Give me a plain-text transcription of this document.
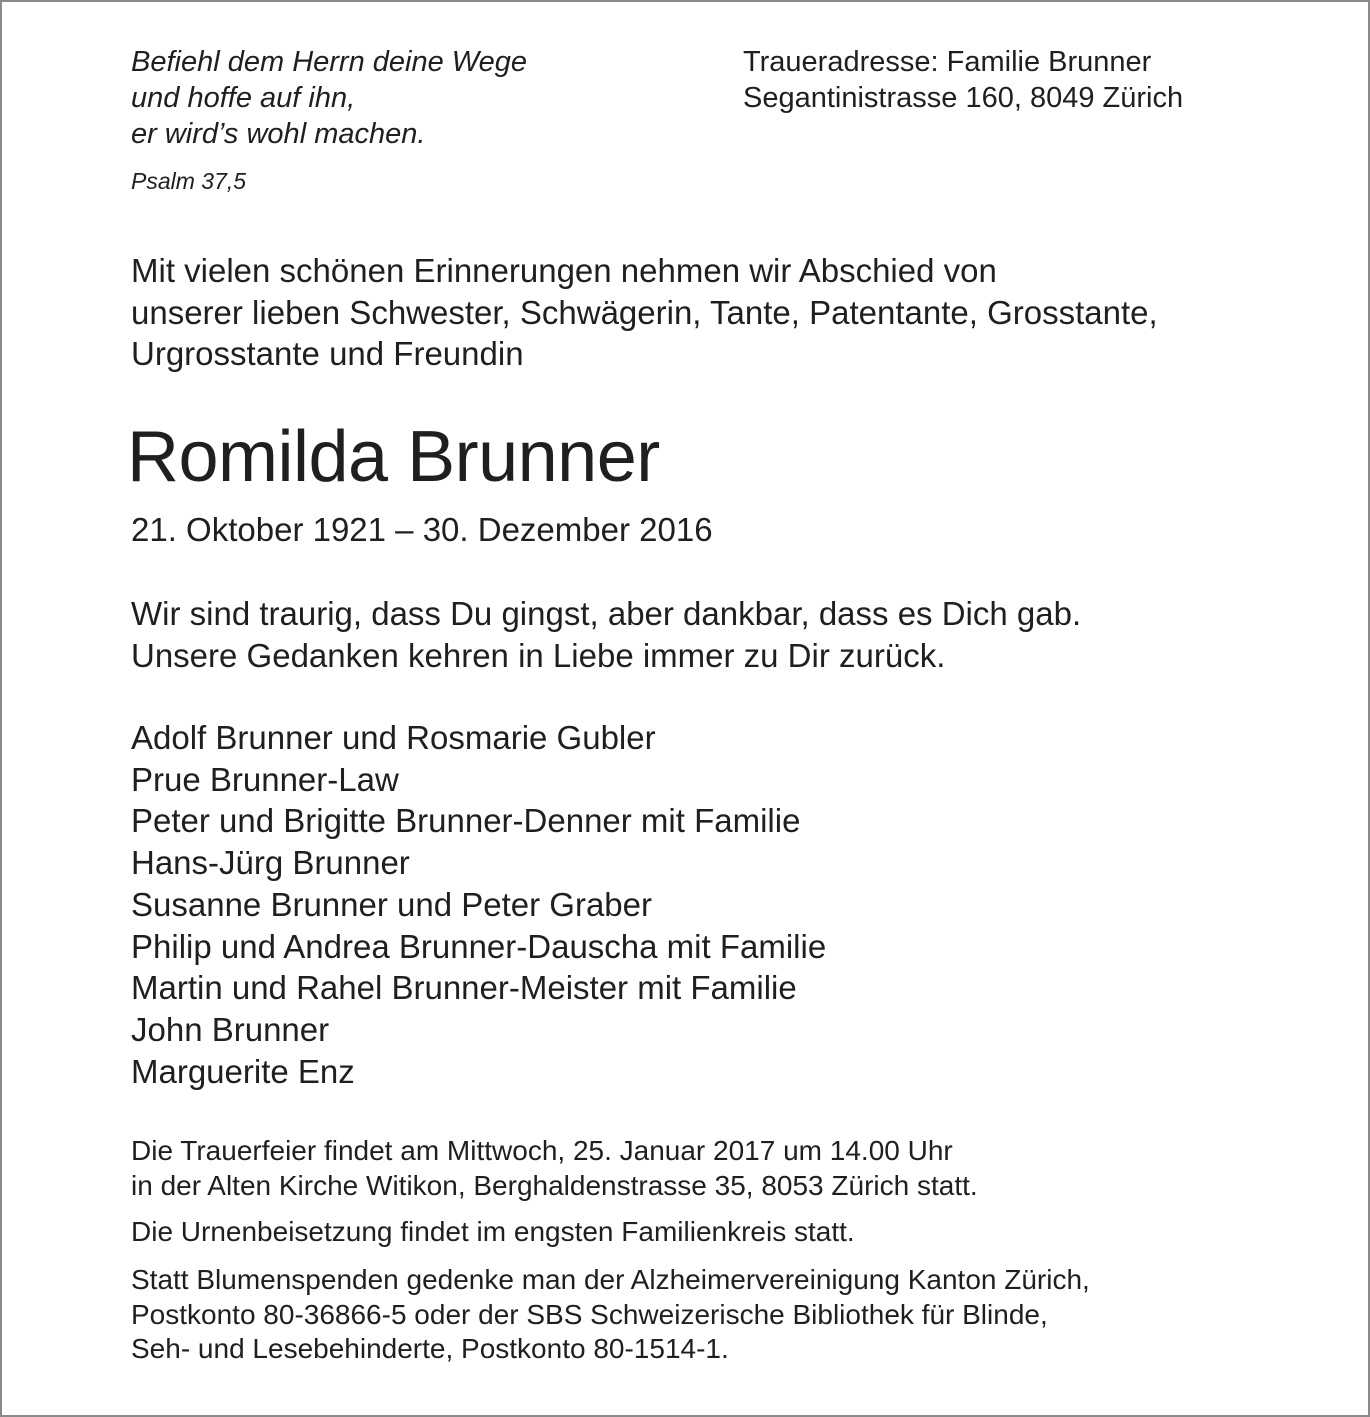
Befiehl dem Herrn deine Wege
und hoffe auf ihn,
er wird’s wohl machen.
Psalm 37,5
Traueradresse: Familie Brunner
Segantinistrasse 160, 8049 Zürich
Mit vielen schönen Erinnerungen nehmen wir Abschied von
unserer lieben Schwester, Schwägerin, Tante, Patentante, Grosstante,
Urgrosstante und Freundin
Romilda Brunner
21. Oktober 1921 – 30. Dezember 2016
Wir sind traurig, dass Du gingst, aber dankbar, dass es Dich gab.
Unsere Gedanken kehren in Liebe immer zu Dir zurück.
Adolf Brunner und Rosmarie Gubler
Prue Brunner-Law
Peter und Brigitte Brunner-Denner mit Familie
Hans-Jürg Brunner
Susanne Brunner und Peter Graber
Philip und Andrea Brunner-Dauscha mit Familie
Martin und Rahel Brunner-Meister mit Familie
John Brunner
Marguerite Enz
Die Trauerfeier findet am Mittwoch, 25. Januar 2017 um 14.00 Uhr
in der Alten Kirche Witikon, Berghaldenstrasse 35, 8053 Zürich statt.
Die Urnenbeisetzung findet im engsten Familienkreis statt.
Statt Blumenspenden gedenke man der Alzheimervereinigung Kanton Zürich,
Postkonto 80-36866-5 oder der SBS Schweizerische Bibliothek für Blinde,
Seh- und Lesebehinderte, Postkonto 80-1514-1.
